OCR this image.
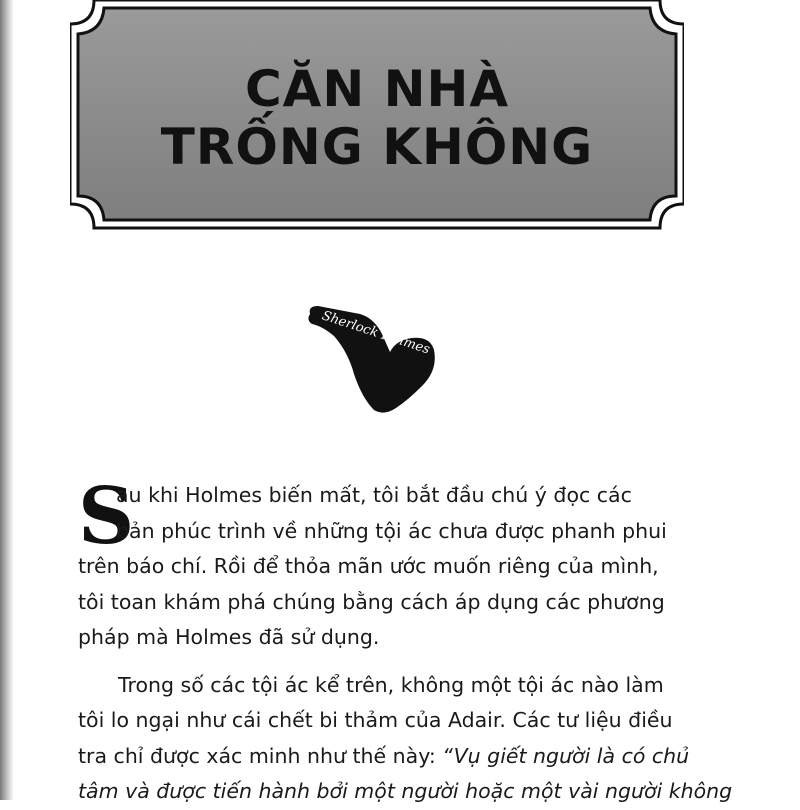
CĂN NHÀ
TRỐNG KHÔNG
Sherlock Holmes
S
au khi Holmes biến mất, tôi bắt đầu chú ý đọc các
bản phúc trình về những tội ác chưa được phanh phui
trên báo chí. Rồi để thỏa mãn ước muốn riêng của mình,
tôi toan khám phá chúng bằng cách áp dụng các phương
pháp mà Holmes đã sử dụng.
Trong số các tội ác kể trên, không một tội ác nào làm
tôi lo ngại như cái chết bi thảm của Adair. Các tư liệu điều
tra chỉ được xác minh như thế này: “Vụ giết người là có chủ
tâm và được tiến hành bởi một người hoặc một vài người không
